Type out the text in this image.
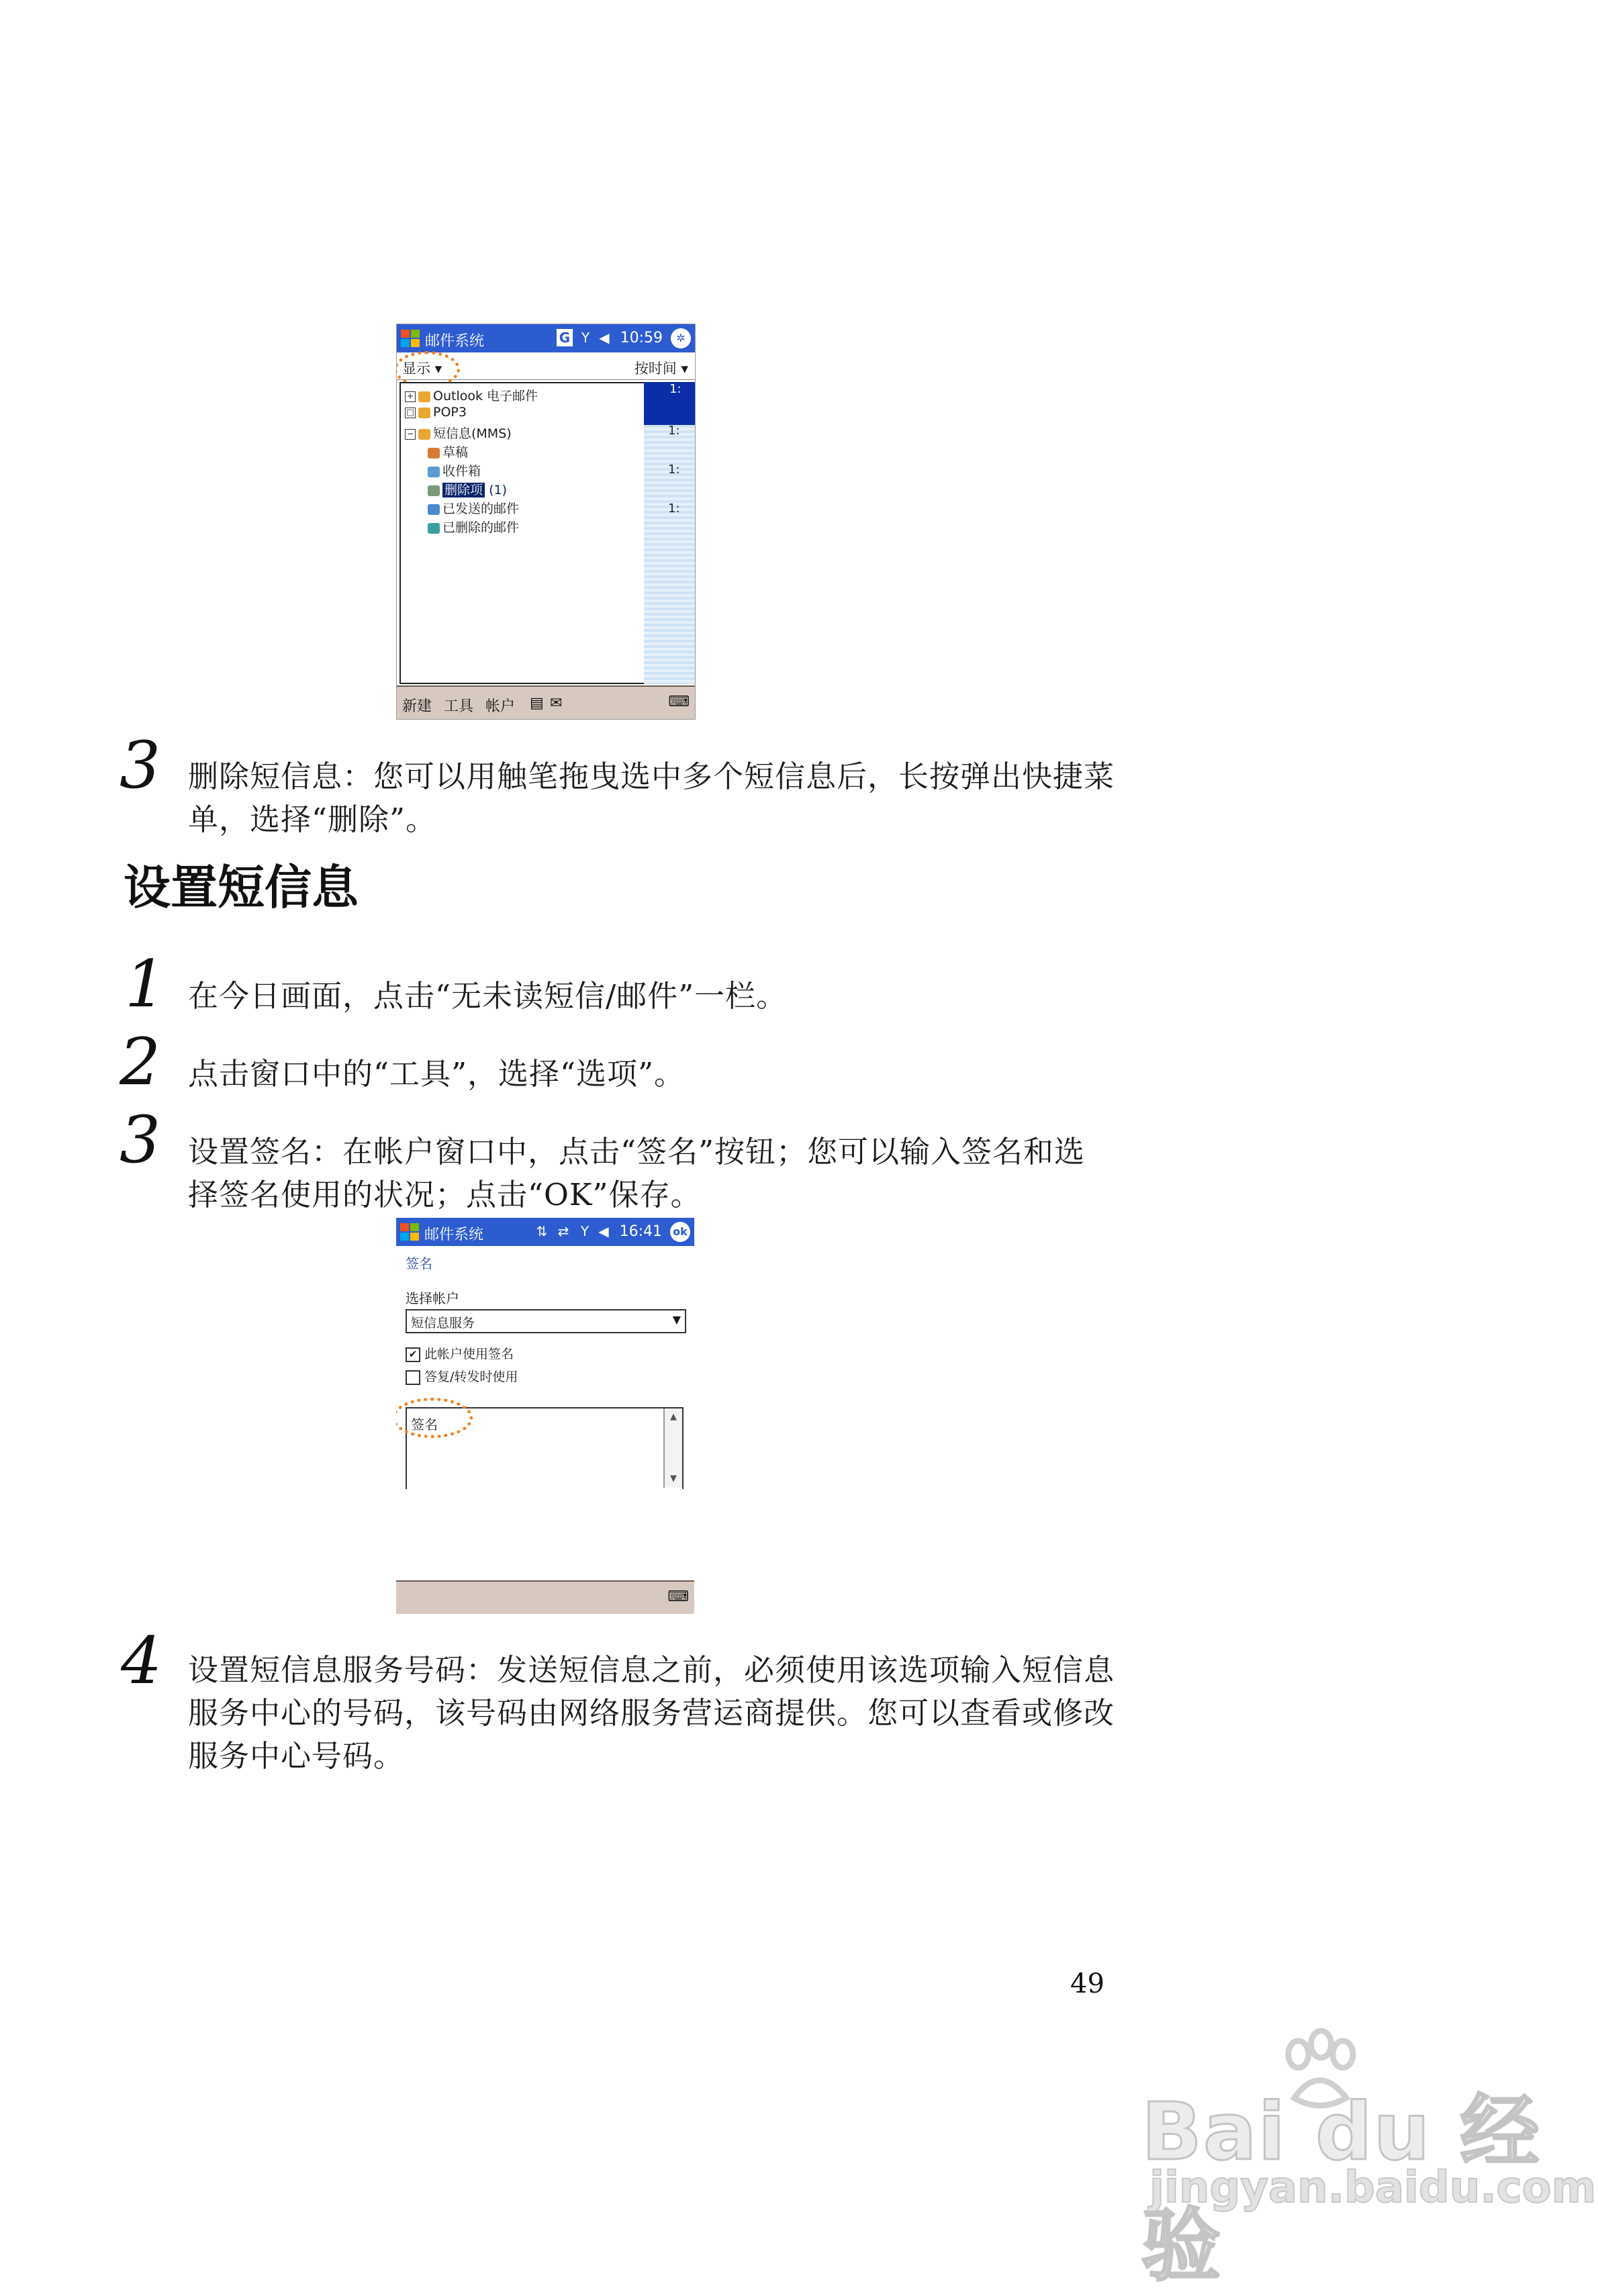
邮件系统	G Y ◀ 10:59	✲
显示 ▾	按时间 ▾
+ Outlook 电子邮件
□ POP3
− 短信息(MMS)
草稿
收件箱
删除项 (1)
已发送的邮件
已删除的邮件
1:
1:
1:
1:
新建 工具 帐户 ▤ ✉	⌨
3 删除短信息：您可以用触笔拖曳选中多个短信息后，长按弹出快捷菜单，选择“删除”。
设置短信息
1 在今日画面，点击“无未读短信/邮件”一栏。
2 点击窗口中的“工具”，选择“选项”。
3 设置签名：在帐户窗口中，点击“签名”按钮；您可以输入签名和选择签名使用的状况；点击“OK”保存。
邮件系统	⇅ ⇄ Y ◀ 16:41 ok
签名
选择帐户
短信息服务	▼
✔ 此帐户使用签名
答复/转发时使用
签名	▲
▼
⌨
4 设置短信息服务号码：发送短信息之前，必须使用该选项输入短信息服务中心的号码，该号码由网络服务营运商提供。您可以查看或修改服务中心号码。
49
Bai du 经验
jingyan.baidu.com
